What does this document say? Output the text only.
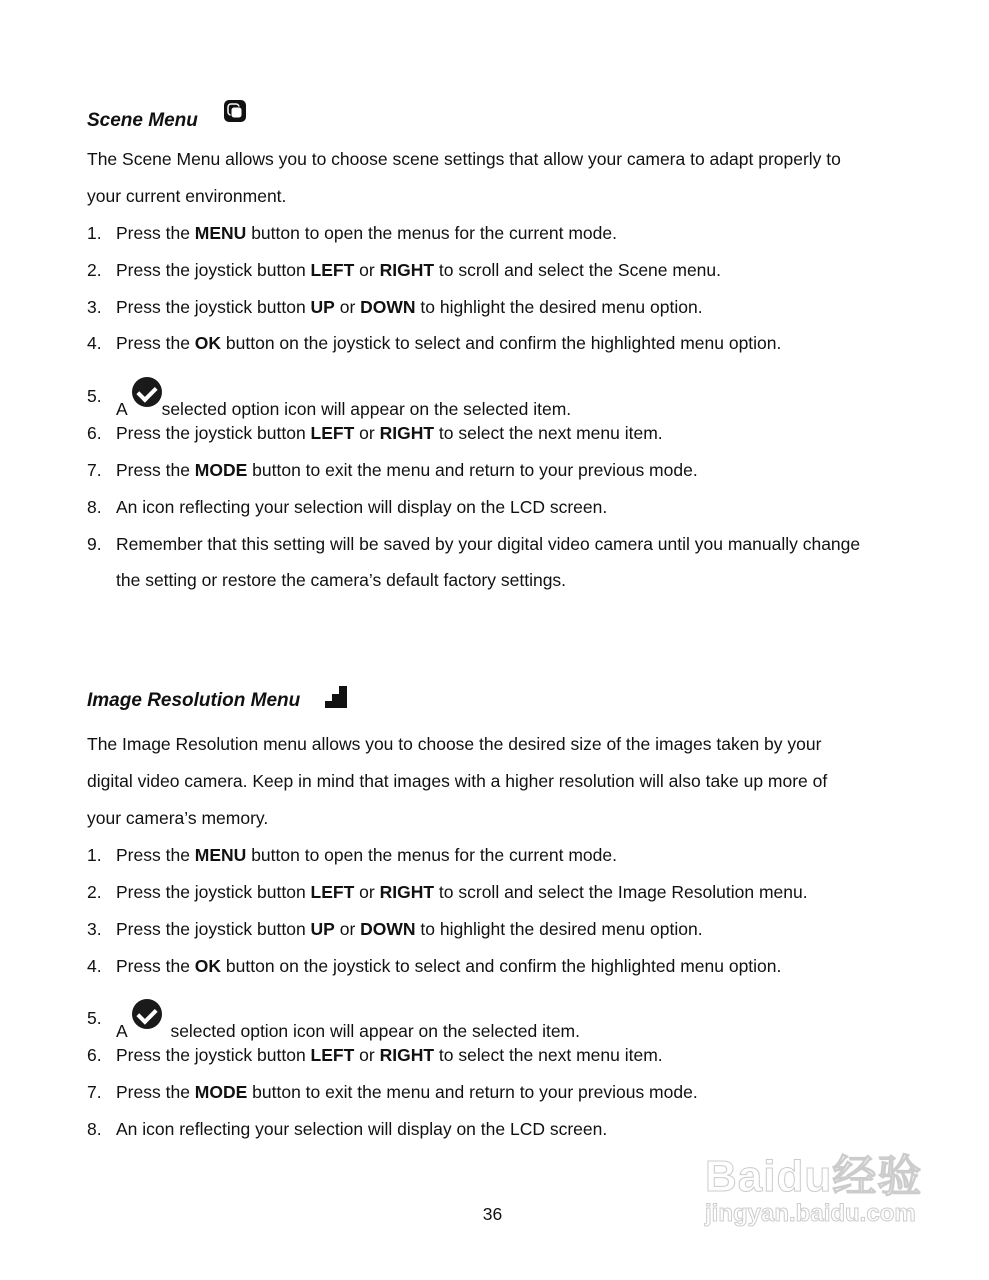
Scene Menu
The Scene Menu allows you to choose scene settings that allow your camera to adapt properly to
your current environment.
1. Press the MENU button to open the menus for the current mode.
2. Press the joystick button LEFT or RIGHT to scroll and select the Scene menu.
3. Press the joystick button UP or DOWN to highlight the desired menu option.
4. Press the OK button on the joystick to select and confirm the highlighted menu option.
5.
A selected option icon will appear on the selected item.
6. Press the joystick button LEFT or RIGHT to select the next menu item.
7. Press the MODE button to exit the menu and return to your previous mode.
8. An icon reflecting your selection will display on the LCD screen.
9. Remember that this setting will be saved by your digital video camera until you manually change
the setting or restore the camera’s default factory settings.
Image Resolution Menu
The Image Resolution menu allows you to choose the desired size of the images taken by your
digital video camera. Keep in mind that images with a higher resolution will also take up more of
your camera’s memory.
1. Press the MENU button to open the menus for the current mode.
2. Press the joystick button LEFT or RIGHT to scroll and select the Image Resolution menu.
3. Press the joystick button UP or DOWN to highlight the desired menu option.
4. Press the OK button on the joystick to select and confirm the highlighted menu option.
5.
A  selected option icon will appear on the selected item.
6. Press the joystick button LEFT or RIGHT to select the next menu item.
7. Press the MODE button to exit the menu and return to your previous mode.
8. An icon reflecting your selection will display on the LCD screen.
36
Baidu经验
jingyan.baidu.com
